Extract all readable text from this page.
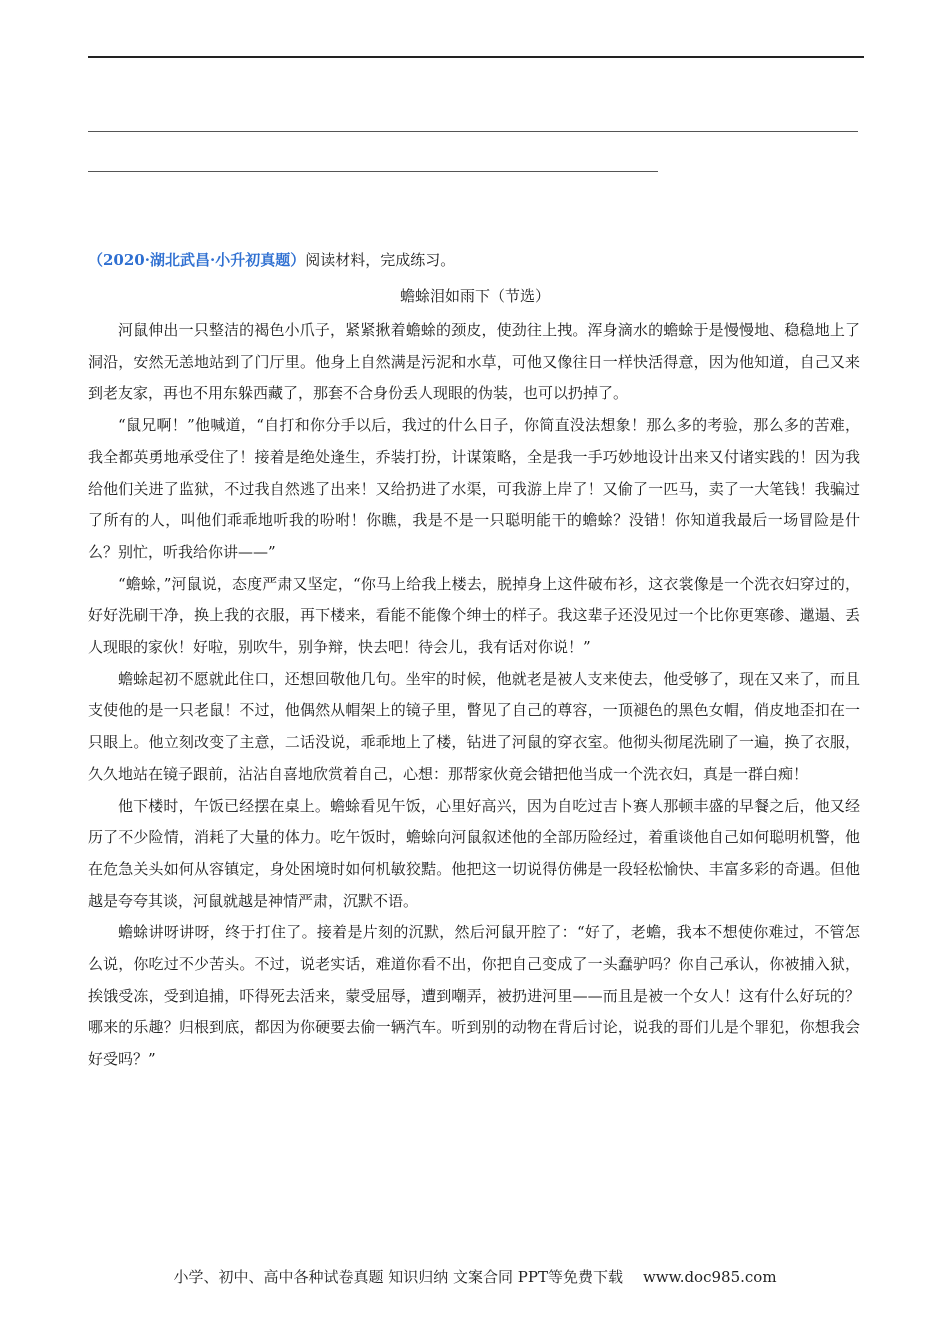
（2020·湖北武昌·小升初真题）阅读材料，完成练习。
蟾蜍泪如雨下（节选）

河鼠伸出一只整洁的褐色小爪子，紧紧揪着蟾蜍的颈皮，使劲往上拽。浑身滴水的蟾蜍于是慢慢地、稳稳地上了洞沿，安然无恙地站到了门厅里。他身上自然满是污泥和水草，可他又像往日一样快活得意，因为他知道，自己又来到老友家，再也不用东躲西藏了，那套不合身份丢人现眼的伪装，也可以扔掉了。

“鼠兄啊！”他喊道，“自打和你分手以后，我过的什么日子，你简直没法想象！那么多的考验，那么多的苦难，我全都英勇地承受住了！接着是绝处逢生，乔装打扮，计谋策略，全是我一手巧妙地设计出来又付诸实践的！因为我给他们关进了监狱，不过我自然逃了出来！又给扔进了水渠，可我游上岸了！又偷了一匹马，卖了一大笔钱！我骗过了所有的人，叫他们乖乖地听我的吩咐！你瞧，我是不是一只聪明能干的蟾蜍？没错！你知道我最后一场冒险是什么？别忙，听我给你讲——”

“蟾蜍，”河鼠说，态度严肃又坚定，“你马上给我上楼去，脱掉身上这件破布衫，这衣裳像是一个洗衣妇穿过的，好好洗刷干净，换上我的衣服，再下楼来，看能不能像个绅士的样子。我这辈子还没见过一个比你更寒碜、邋遢、丢人现眼的家伙！好啦，别吹牛，别争辩，快去吧！待会儿，我有话对你说！”

蟾蜍起初不愿就此住口，还想回敬他几句。坐牢的时候，他就老是被人支来使去，他受够了，现在又来了，而且支使他的是一只老鼠！不过，他偶然从帽架上的镜子里，瞥见了自己的尊容，一顶褪色的黑色女帽，俏皮地歪扣在一只眼上。他立刻改变了主意，二话没说，乖乖地上了楼，钻进了河鼠的穿衣室。他彻头彻尾洗刷了一遍，换了衣服，久久地站在镜子跟前，沾沾自喜地欣赏着自己，心想：那帮家伙竟会错把他当成一个洗衣妇，真是一群白痴！

他下楼时，午饭已经摆在桌上。蟾蜍看见午饭，心里好高兴，因为自吃过吉卜赛人那顿丰盛的早餐之后，他又经历了不少险情，消耗了大量的体力。吃午饭时，蟾蜍向河鼠叙述他的全部历险经过，着重谈他自己如何聪明机警，他在危急关头如何从容镇定，身处困境时如何机敏狡黠。他把这一切说得仿佛是一段轻松愉快、丰富多彩的奇遇。但他越是夸夸其谈，河鼠就越是神情严肃，沉默不语。

蟾蜍讲呀讲呀，终于打住了。接着是片刻的沉默，然后河鼠开腔了：“好了，老蟾，我本不想使你难过，不管怎么说，你吃过不少苦头。不过，说老实话，难道你看不出，你把自己变成了一头蠢驴吗？你自己承认，你被捕入狱，挨饿受冻，受到追捕，吓得死去活来，蒙受屈辱，遭到嘲弄，被扔进河里——而且是被一个女人！这有什么好玩的？哪来的乐趣？归根到底，都因为你硬要去偷一辆汽车。听到别的动物在背后讨论，说我的哥们儿是个罪犯，你想我会好受吗？”

小学、初中、高中各种试卷真题 知识归纳 文案合同 PPT等免费下载 www.doc985.com
